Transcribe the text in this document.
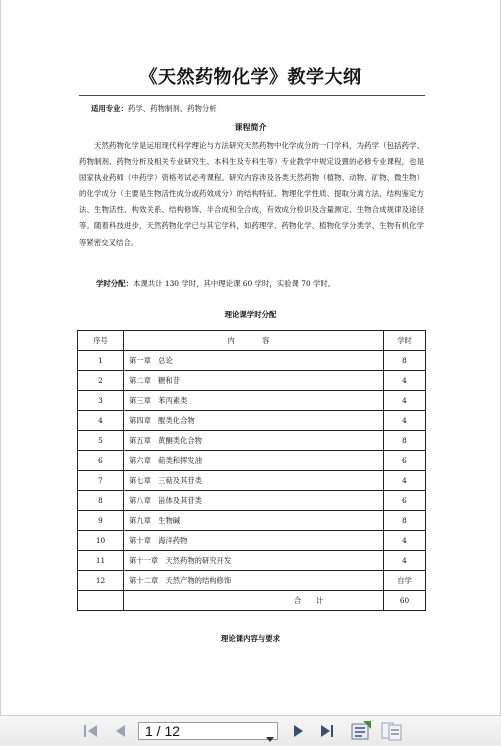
《天然药物化学》教学大纲
适用专业：药学、药物制剂、药物分析
课程简介
天然药物化学是运用现代科学理论与方法研究天然药物中化学成分的一门学科，为药学（包括药学、药物制剂、药物分析及相关专业研究生、本科生及专科生等）专业教学中规定设置的必修专业课程，也是国家执业药师（中药学）资格考试必考课程。研究内容涉及各类天然药物（植物、动物、矿物、微生物）的化学成分（主要是生物活性成分或药效成分）的结构特征、物理化学性质、提取分离方法、结构鉴定方法、生物活性、构效关系、结构修饰、半合成和全合成，有效成分检识及含量测定、生物合成规律及途径等。随着科技进步，天然药物化学已与其它学科，如药理学、药物化学、植物化学分类学、生物有机化学等紧密交叉结合。
学时分配：本课共计 130 学时，其中理论课 60 学时，实验课 70 学时。
理论课学时分配
序号	内　容	学时
1	第一章　总论	8
2	第二章　糖和苷	4
3	第三章　苯丙素类	4
4	第四章　醌类化合物	4
5	第五章　黄酮类化合物	8
6	第六章　萜类和挥发油	6
7	第七章　三萜及其苷类	4
8	第八章　甾体及其苷类	6
9	第九章　生物碱	8
10	第十章　海洋药物	4
11	第十一章　天然药物的研究开发	4
12	第十二章　天然产物的结构修饰	自学
	合　　计	60
理论课内容与要求
1 / 12
